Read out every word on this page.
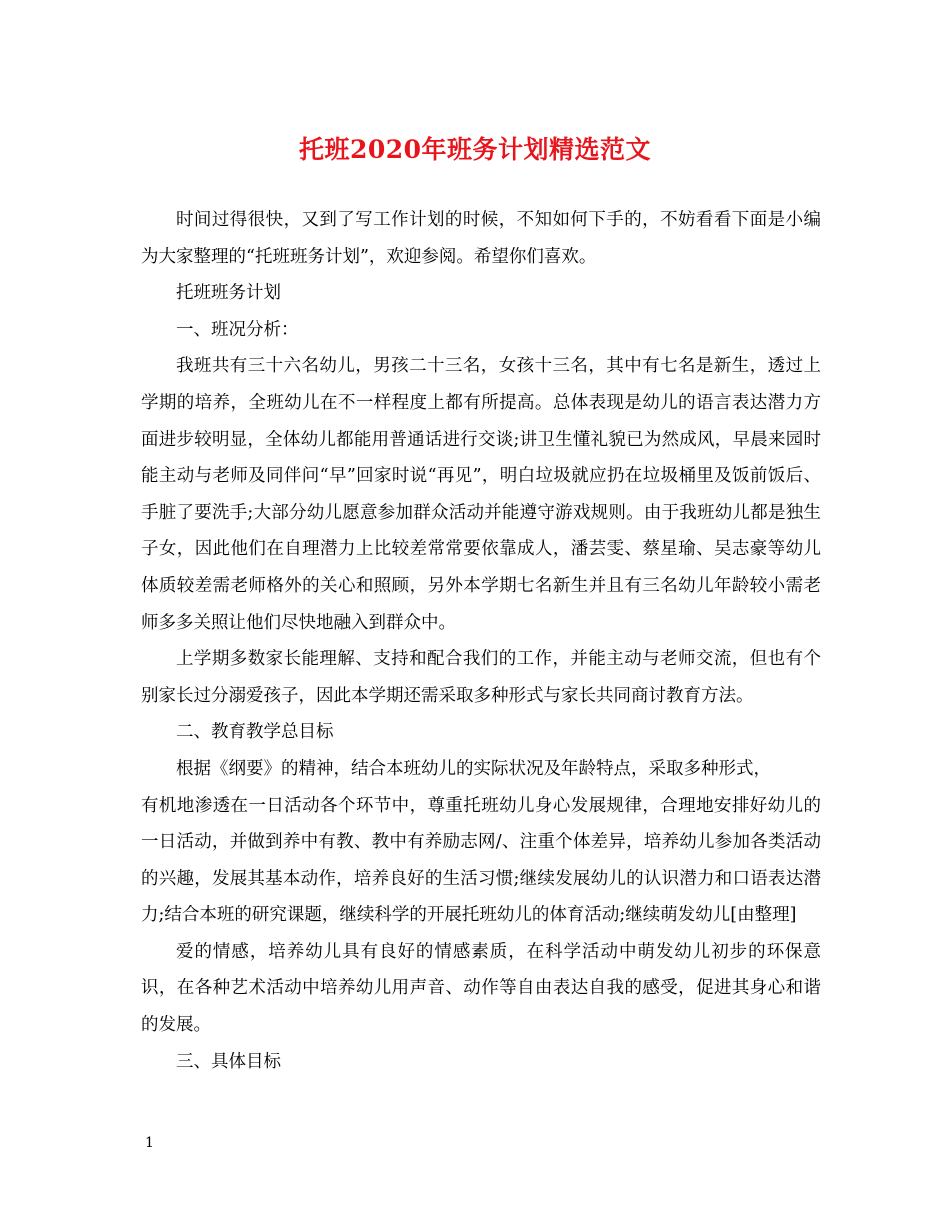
托班2020年班务计划精选范文

时间过得很快，又到了写工作计划的时候，不知如何下手的，不妨看看下面是小编为大家整理的“托班班务计划”，欢迎参阅。希望你们喜欢。

托班班务计划

一、班况分析：

我班共有三十六名幼儿，男孩二十三名，女孩十三名，其中有七名是新生，透过上学期的培养，全班幼儿在不一样程度上都有所提高。总体表现是幼儿的语言表达潜力方面进步较明显，全体幼儿都能用普通话进行交谈;讲卫生懂礼貌已为然成风，早晨来园时能主动与老师及同伴问“早”回家时说“再见”，明白垃圾就应扔在垃圾桶里及饭前饭后、手脏了要洗手;大部分幼儿愿意参加群众活动并能遵守游戏规则。由于我班幼儿都是独生子女，因此他们在自理潜力上比较差常常要依靠成人，潘芸雯、蔡星瑜、吴志豪等幼儿体质较差需老师格外的关心和照顾，另外本学期七名新生并且有三名幼儿年龄较小需老师多多关照让他们尽快地融入到群众中。

上学期多数家长能理解、支持和配合我们的工作，并能主动与老师交流，但也有个别家长过分溺爱孩子，因此本学期还需采取多种形式与家长共同商讨教育方法。

二、教育教学总目标

根据《纲要》的精神，结合本班幼儿的实际状况及年龄特点，采取多种形式，

有机地渗透在一日活动各个环节中，尊重托班幼儿身心发展规律，合理地安排好幼儿的一日活动，并做到养中有教、教中有养励志网/、注重个体差异，培养幼儿参加各类活动的兴趣，发展其基本动作，培养良好的生活习惯;继续发展幼儿的认识潜力和口语表达潜力;结合本班的研究课题，继续科学的开展托班幼儿的体育活动;继续萌发幼儿[由整理]

爱的情感，培养幼儿具有良好的情感素质，在科学活动中萌发幼儿初步的环保意识，在各种艺术活动中培养幼儿用声音、动作等自由表达自我的感受，促进其身心和谐的发展。

三、具体目标

1
